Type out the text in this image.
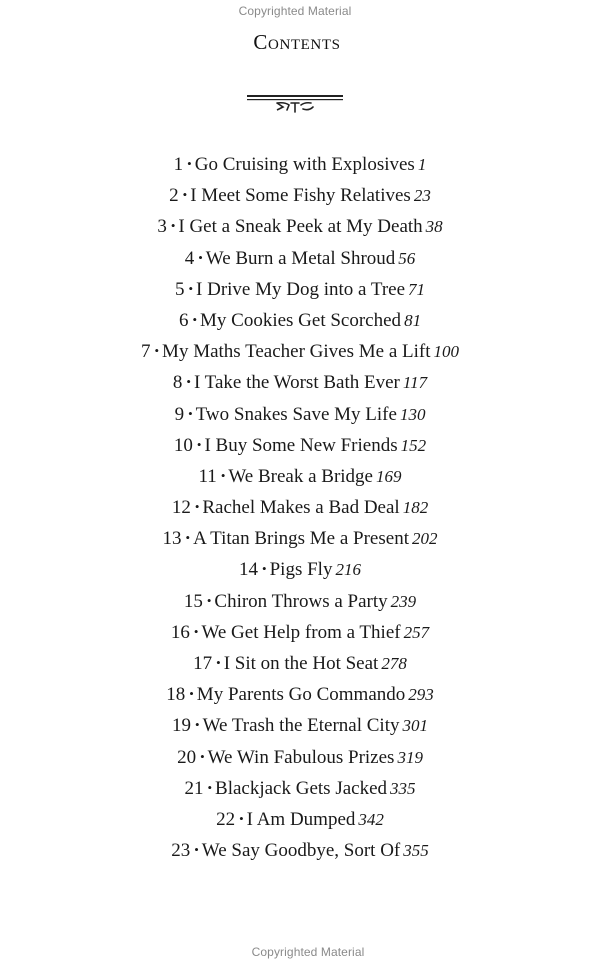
Copyrighted Material
Contents
1 • Go Cruising with Explosives 1
2 • I Meet Some Fishy Relatives 23
3 • I Get a Sneak Peek at My Death 38
4 • We Burn a Metal Shroud 56
5 • I Drive My Dog into a Tree 71
6 • My Cookies Get Scorched 81
7 • My Maths Teacher Gives Me a Lift 100
8 • I Take the Worst Bath Ever 117
9 • Two Snakes Save My Life 130
10 • I Buy Some New Friends 152
11 • We Break a Bridge 169
12 • Rachel Makes a Bad Deal 182
13 • A Titan Brings Me a Present 202
14 • Pigs Fly 216
15 • Chiron Throws a Party 239
16 • We Get Help from a Thief 257
17 • I Sit on the Hot Seat 278
18 • My Parents Go Commando 293
19 • We Trash the Eternal City 301
20 • We Win Fabulous Prizes 319
21 • Blackjack Gets Jacked 335
22 • I Am Dumped 342
23 • We Say Goodbye, Sort Of 355
Copyrighted Material
